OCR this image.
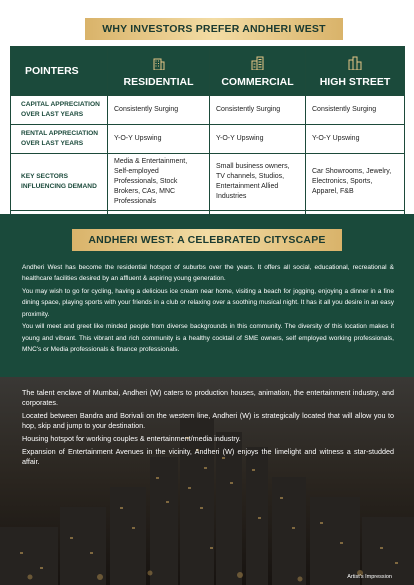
WHY INVESTORS PREFER ANDHERI WEST
POINTERS	RESIDENTIAL	COMMERCIAL	HIGH STREET
CAPITAL APPRECIATION OVER LAST YEARS	Consistently Surging	Consistently Surging	Consistently Surging
RENTAL APPRECIATION OVER LAST YEARS	Y-O-Y Upswing	Y-O-Y Upswing	Y-O-Y Upswing
KEY SECTORS INFLUENCING DEMAND	Media & Entertainment, Self-employed Professionals, Stock Brokers, CAs, MNC Professionals	Small business owners, TV channels, Studios, Entertainment Allied Industries	Car Showrooms, Jewelry, Electronics, Sports, Apparel, F&B

ANDHERI WEST: A CELEBRATED CITYSCAPE

Andheri West has become the residential hotspot of suburbs over the years. It offers all social, educational, recreational & healthcare facilities desired by an affluent & aspiring young generation.

You may wish to go for cycling, having a delicious ice cream near home, visiting a beach for jogging, enjoying a dinner in a fine dining space, playing sports with your friends in a club or relaxing over a soothing musical night. It has it all you desire in an easy proximity.

You will meet and greet like minded people from diverse backgrounds in this community. The diversity of this location makes it young and vibrant. This vibrant and rich community is a healthy cocktail of SME owners, self employed working professionals, MNC's or Media professionals & finance professionals.

The talent enclave of Mumbai, Andheri (W) caters to production houses, animation, the entertainment industry, and corporates.

Located between Bandra and Borivali on the western line, Andheri (W) is strategically located that will allow you to hop, skip and jump to your destination.

Housing hotspot for working couples & entertainment/media industry.

Expansion of Entertainment Avenues in the vicinity, Andheri (W) enjoys the limelight and witness a star-studded affair.

Artist's Impression
